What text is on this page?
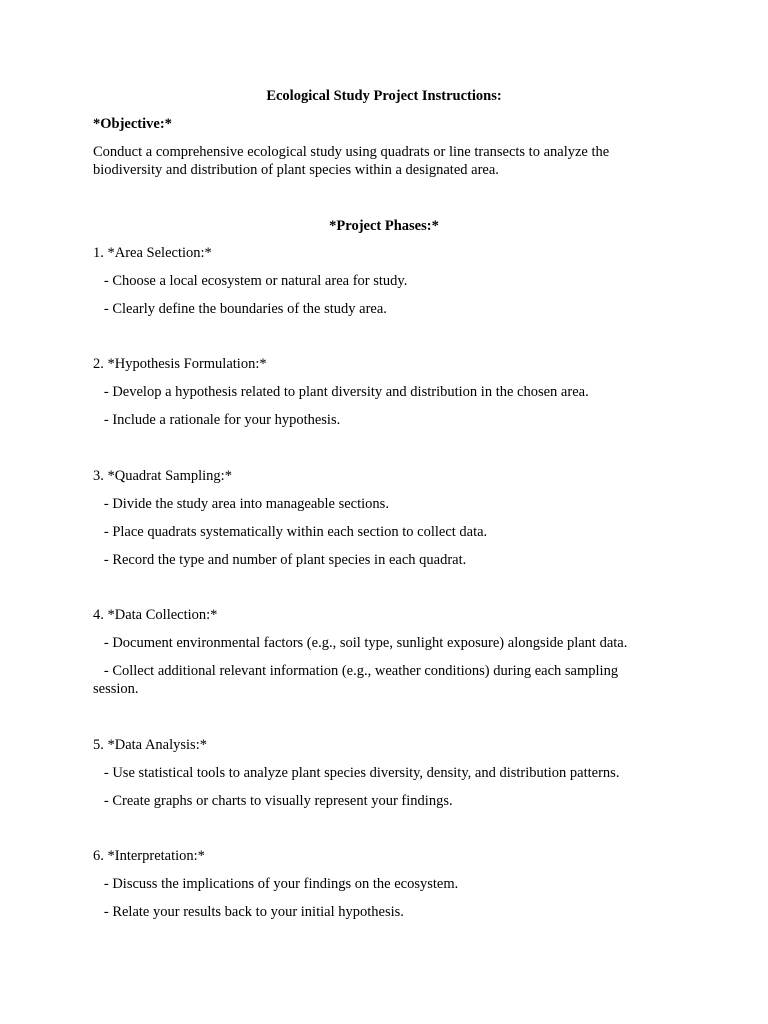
Ecological Study Project Instructions:
*Objective:*
Conduct a comprehensive ecological study using quadrats or line transects to analyze the biodiversity and distribution of plant species within a designated area.
*Project Phases:*
1. *Area Selection:*
- Choose a local ecosystem or natural area for study.
- Clearly define the boundaries of the study area.
2. *Hypothesis Formulation:*
- Develop a hypothesis related to plant diversity and distribution in the chosen area.
- Include a rationale for your hypothesis.
3. *Quadrat Sampling:*
- Divide the study area into manageable sections.
- Place quadrats systematically within each section to collect data.
- Record the type and number of plant species in each quadrat.
4. *Data Collection:*
- Document environmental factors (e.g., soil type, sunlight exposure) alongside plant data.
- Collect additional relevant information (e.g., weather conditions) during each sampling session.
5. *Data Analysis:*
- Use statistical tools to analyze plant species diversity, density, and distribution patterns.
- Create graphs or charts to visually represent your findings.
6. *Interpretation:*
- Discuss the implications of your findings on the ecosystem.
- Relate your results back to your initial hypothesis.
